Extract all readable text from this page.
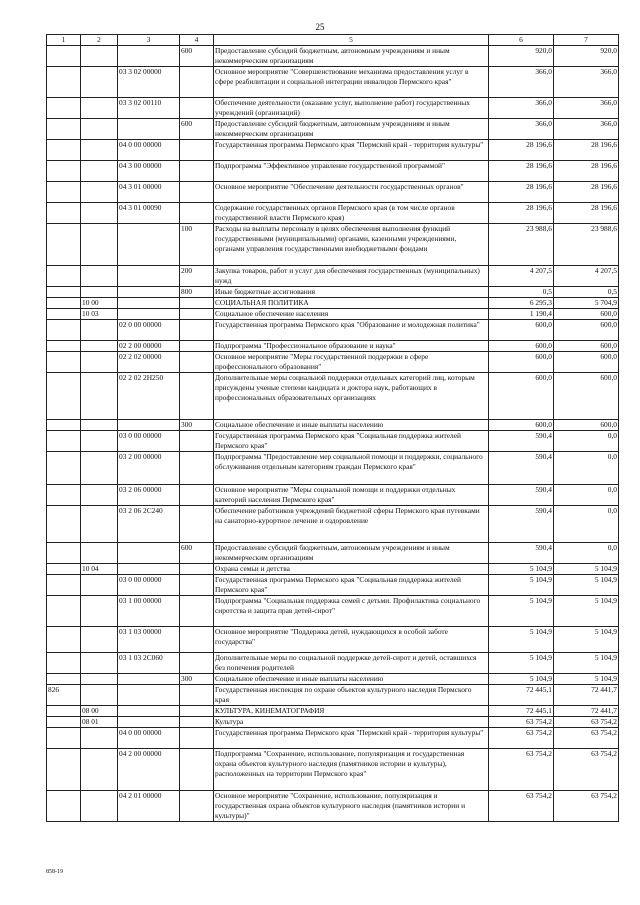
25
1	2	3	4	5	6	7
			600	Предоставление субсидий бюджетным, автономным учреждениям и иным некоммерческим организациям	920,0	920,0
		03 3 02 00000		Основное мероприятие "Совершенствование механизма предоставления услуг в сфере реабилитации и социальной интеграции инвалидов Пермского края"	366,0	366,0
		03 3 02 00110		Обеспечение деятельности (оказание услуг, выполнение работ) государственных учреждений (организаций)	366,0	366,0
			600	Предоставление субсидий бюджетным, автономным учреждениям и иным некоммерческим организациям	366,0	366,0
		04 0 00 00000		Государственная программа Пермского края "Пермский край - территория культуры"	28 196,6	28 196,6
		04 3 00 00000		Подпрограмма "Эффективное управление государственной программой"	28 196,6	28 196,6
		04 3 01 00000		Основное мероприятие "Обеспечение деятельности государственных органов"	28 196,6	28 196,6
		04 3 01 00090		Содержание государственных органов Пермского края (в том числе органов государственной власти Пермского края)	28 196,6	28 196,6
			100	Расходы на выплаты персоналу в целях обеспечения выполнения функций государственными (муниципальными) органами, казенными учреждениями, органами управления государственными внебюджетными фондами	23 988,6	23 988,6
			200	Закупка товаров, работ и услуг для обеспечения государственных (муниципальных) нужд	4 207,5	4 207,5
			800	Иные бюджетные ассигнования	0,5	0,5
	10 00			СОЦИАЛЬНАЯ ПОЛИТИКА	6 295,3	5 704,9
	10 03			Социальное обеспечение населения	1 190,4	600,0
		02 0 00 00000		Государственная программа Пермского края "Образование и молодежная политика"	600,0	600,0
		02 2 00 00000		Подпрограмма "Профессиональное образование и наука"	600,0	600,0
		02 2 02 00000		Основное мероприятие "Меры государственной поддержки в сфере профессионального образования"	600,0	600,0
		02 2 02 2Н250		Дополнительные меры социальной поддержки отдельных категорий лиц, которым присуждены ученые степени кандидата и доктора наук, работающих в профессиональных образовательных организациях	600,0	600,0
			300	Социальное обеспечение и иные выплаты населению	600,0	600,0
		03 0 00 00000		Государственная программа Пермского края "Социальная поддержка жителей Пермского края"	590,4	0,0
		03 2 00 00000		Подпрограмма "Предоставление мер социальной помощи и поддержки, социального обслуживания отдельным категориям граждан Пермского края"	590,4	0,0
		03 2 06 00000		Основное мероприятие "Меры социальной помощи и поддержки отдельных категорий населения Пермского края"	590,4	0,0
		03 2 06 2С240		Обеспечение работников учреждений бюджетной сферы Пермского края путевками на санаторно-курортное лечение и оздоровление	590,4	0,0
			600	Предоставление субсидий бюджетным, автономным учреждениям и иным некоммерческим организациям	590,4	0,0
	10 04			Охрана семьи и детства	5 104,9	5 104,9
		03 0 00 00000		Государственная программа Пермского края "Социальная поддержка жителей Пермского края"	5 104,9	5 104,9
		03 1 00 00000		Подпрограмма "Социальная поддержка семей с детьми. Профилактика социального сиротства и защита прав детей-сирот"	5 104,9	5 104,9
		03 1 03 00000		Основное мероприятие "Поддержка детей, нуждающихся в особой заботе государства"	5 104,9	5 104,9
		03 1 03 2С060		Дополнительные меры по социальной поддержке детей-сирот и детей, оставшихся без попечения родителей	5 104,9	5 104,9
			300	Социальное обеспечение и иные выплаты населению	5 104,9	5 104,9
826				Государственная инспекция по охране объектов культурного наследия Пермского края	72 445,1	72 441,7
	08 00			КУЛЬТУРА, КИНЕМАТОГРАФИЯ	72 445,1	72 441,7
	08 01			Культура	63 754,2	63 754,2
		04 0 00 00000		Государственная программа Пермского края "Пермский край - территория культуры"	63 754,2	63 754,2
		04 2 00 00000		Подпрограмма "Сохранение, использование, популяризация и государственная охрана объектов культурного наследия (памятников истории и культуры), расположенных на территории Пермского края"	63 754,2	63 754,2
		04 2 01 00000		Основное мероприятие "Сохранение, использование, популяризация и государственная охрана объектов культурного наследия (памятников истории и культуры)"	63 754,2	63 754,2
858-19
